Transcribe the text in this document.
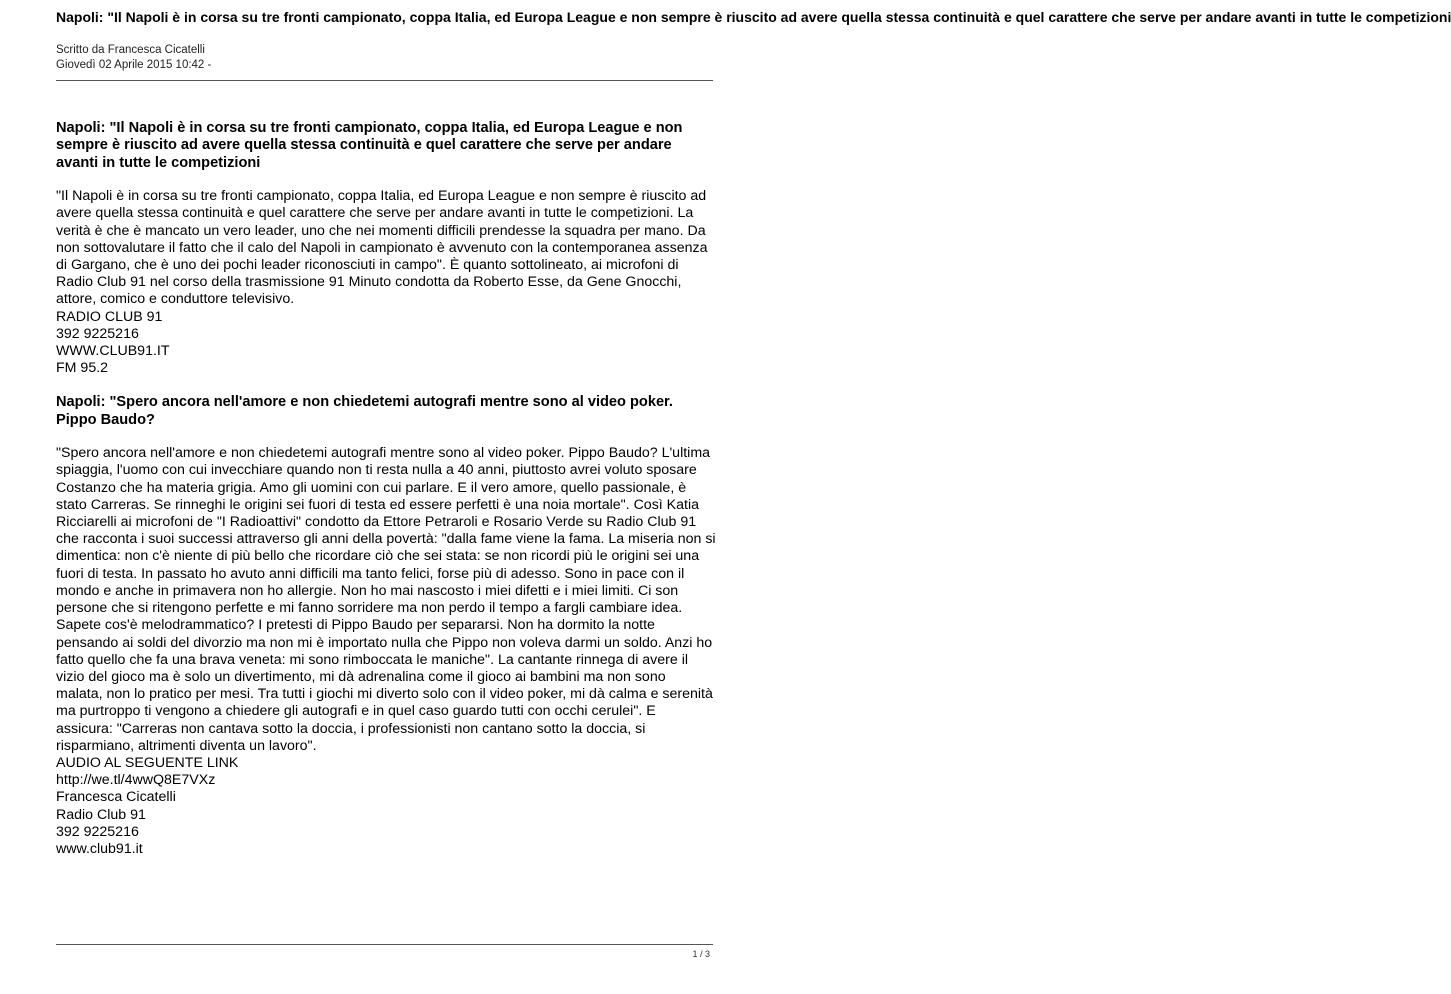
Napoli: "Il Napoli è in corsa su tre fronti campionato, coppa Italia, ed Europa League e non sempre è riuscito ad avere quella stessa continuità e quel carattere che serve per andare avanti in tutte le competizioni
Scritto da Francesca Cicatelli
Giovedì 02 Aprile 2015 10:42 -
Napoli: "Il Napoli è in corsa su tre fronti campionato, coppa Italia, ed Europa League e non sempre è riuscito ad avere quella stessa continuità e quel carattere che serve per andare avanti in tutte le competizioni

"Il Napoli è in corsa su tre fronti campionato, coppa Italia, ed Europa League e non sempre è riuscito ad avere quella stessa continuità e quel carattere che serve per andare avanti in tutte le competizioni. La verità è che è mancato un vero leader, uno che nei momenti difficili prendesse la squadra per mano. Da non sottovalutare il fatto che il calo del Napoli in campionato è avvenuto con la contemporanea assenza di Gargano, che è uno dei pochi leader riconosciuti in campo". È quanto sottolineato, ai microfoni di Radio Club 91 nel corso della trasmissione 91 Minuto condotta da Roberto Esse, da Gene Gnocchi, attore, comico e conduttore televisivo.

RADIO CLUB 91
392 9225216
WWW.CLUB91.IT
FM 95.2
Napoli: "Spero ancora nell'amore e non chiedetemi autografi mentre sono al video poker. Pippo Baudo?

"Spero ancora nell'amore e non chiedetemi autografi mentre sono al video poker. Pippo Baudo? L'ultima spiaggia, l'uomo con cui invecchiare quando non ti resta nulla a 40 anni, piuttosto avrei voluto sposare Costanzo che ha materia grigia. Amo gli uomini con cui parlare. E il vero amore, quello passionale, è stato Carreras. Se rinneghi le origini sei fuori di testa ed essere perfetti è una noia mortale". Così Katia Ricciarelli ai microfoni de "I Radioattivi" condotto da Ettore Petraroli e Rosario Verde su Radio Club 91 che racconta i suoi successi attraverso gli anni della povertà: "dalla fame viene la fama. La miseria non si dimentica: non c'è niente di più bello che ricordare ciò che sei stata: se non ricordi più le origini sei una fuori di testa. In passato ho avuto anni difficili ma tanto felici, forse più di adesso. Sono in pace con il mondo e anche in primavera non ho allergie. Non ho mai nascosto i miei difetti e i miei limiti. Ci son persone che si ritengono perfette e mi fanno sorridere ma non perdo il tempo a fargli cambiare idea. Sapete cos'è melodrammatico? I pretesti di Pippo Baudo per separarsi. Non ha dormito la notte pensando ai soldi del divorzio ma non mi è importato nulla che Pippo non voleva darmi un soldo. Anzi ho fatto quello che fa una brava veneta: mi sono rimboccata le maniche". La cantante rinnega di avere il vizio del gioco ma è solo un divertimento, mi dà adrenalina come il gioco ai bambini ma non sono malata, non lo pratico per mesi. Tra tutti i giochi mi diverto solo con il video poker, mi dà calma e serenità ma purtroppo ti vengono a chiedere gli autografi e in quel caso guardo tutti con occhi cerulei". E assicura: "Carreras non cantava sotto la doccia, i professionisti non cantano sotto la doccia, si risparmiano, altrimenti diventa un lavoro".

AUDIO AL SEGUENTE LINK
http://we.tl/4wwQ8E7VXz
Francesca Cicatelli
Radio Club 91
392 9225216
www.club91.it
1 / 3
